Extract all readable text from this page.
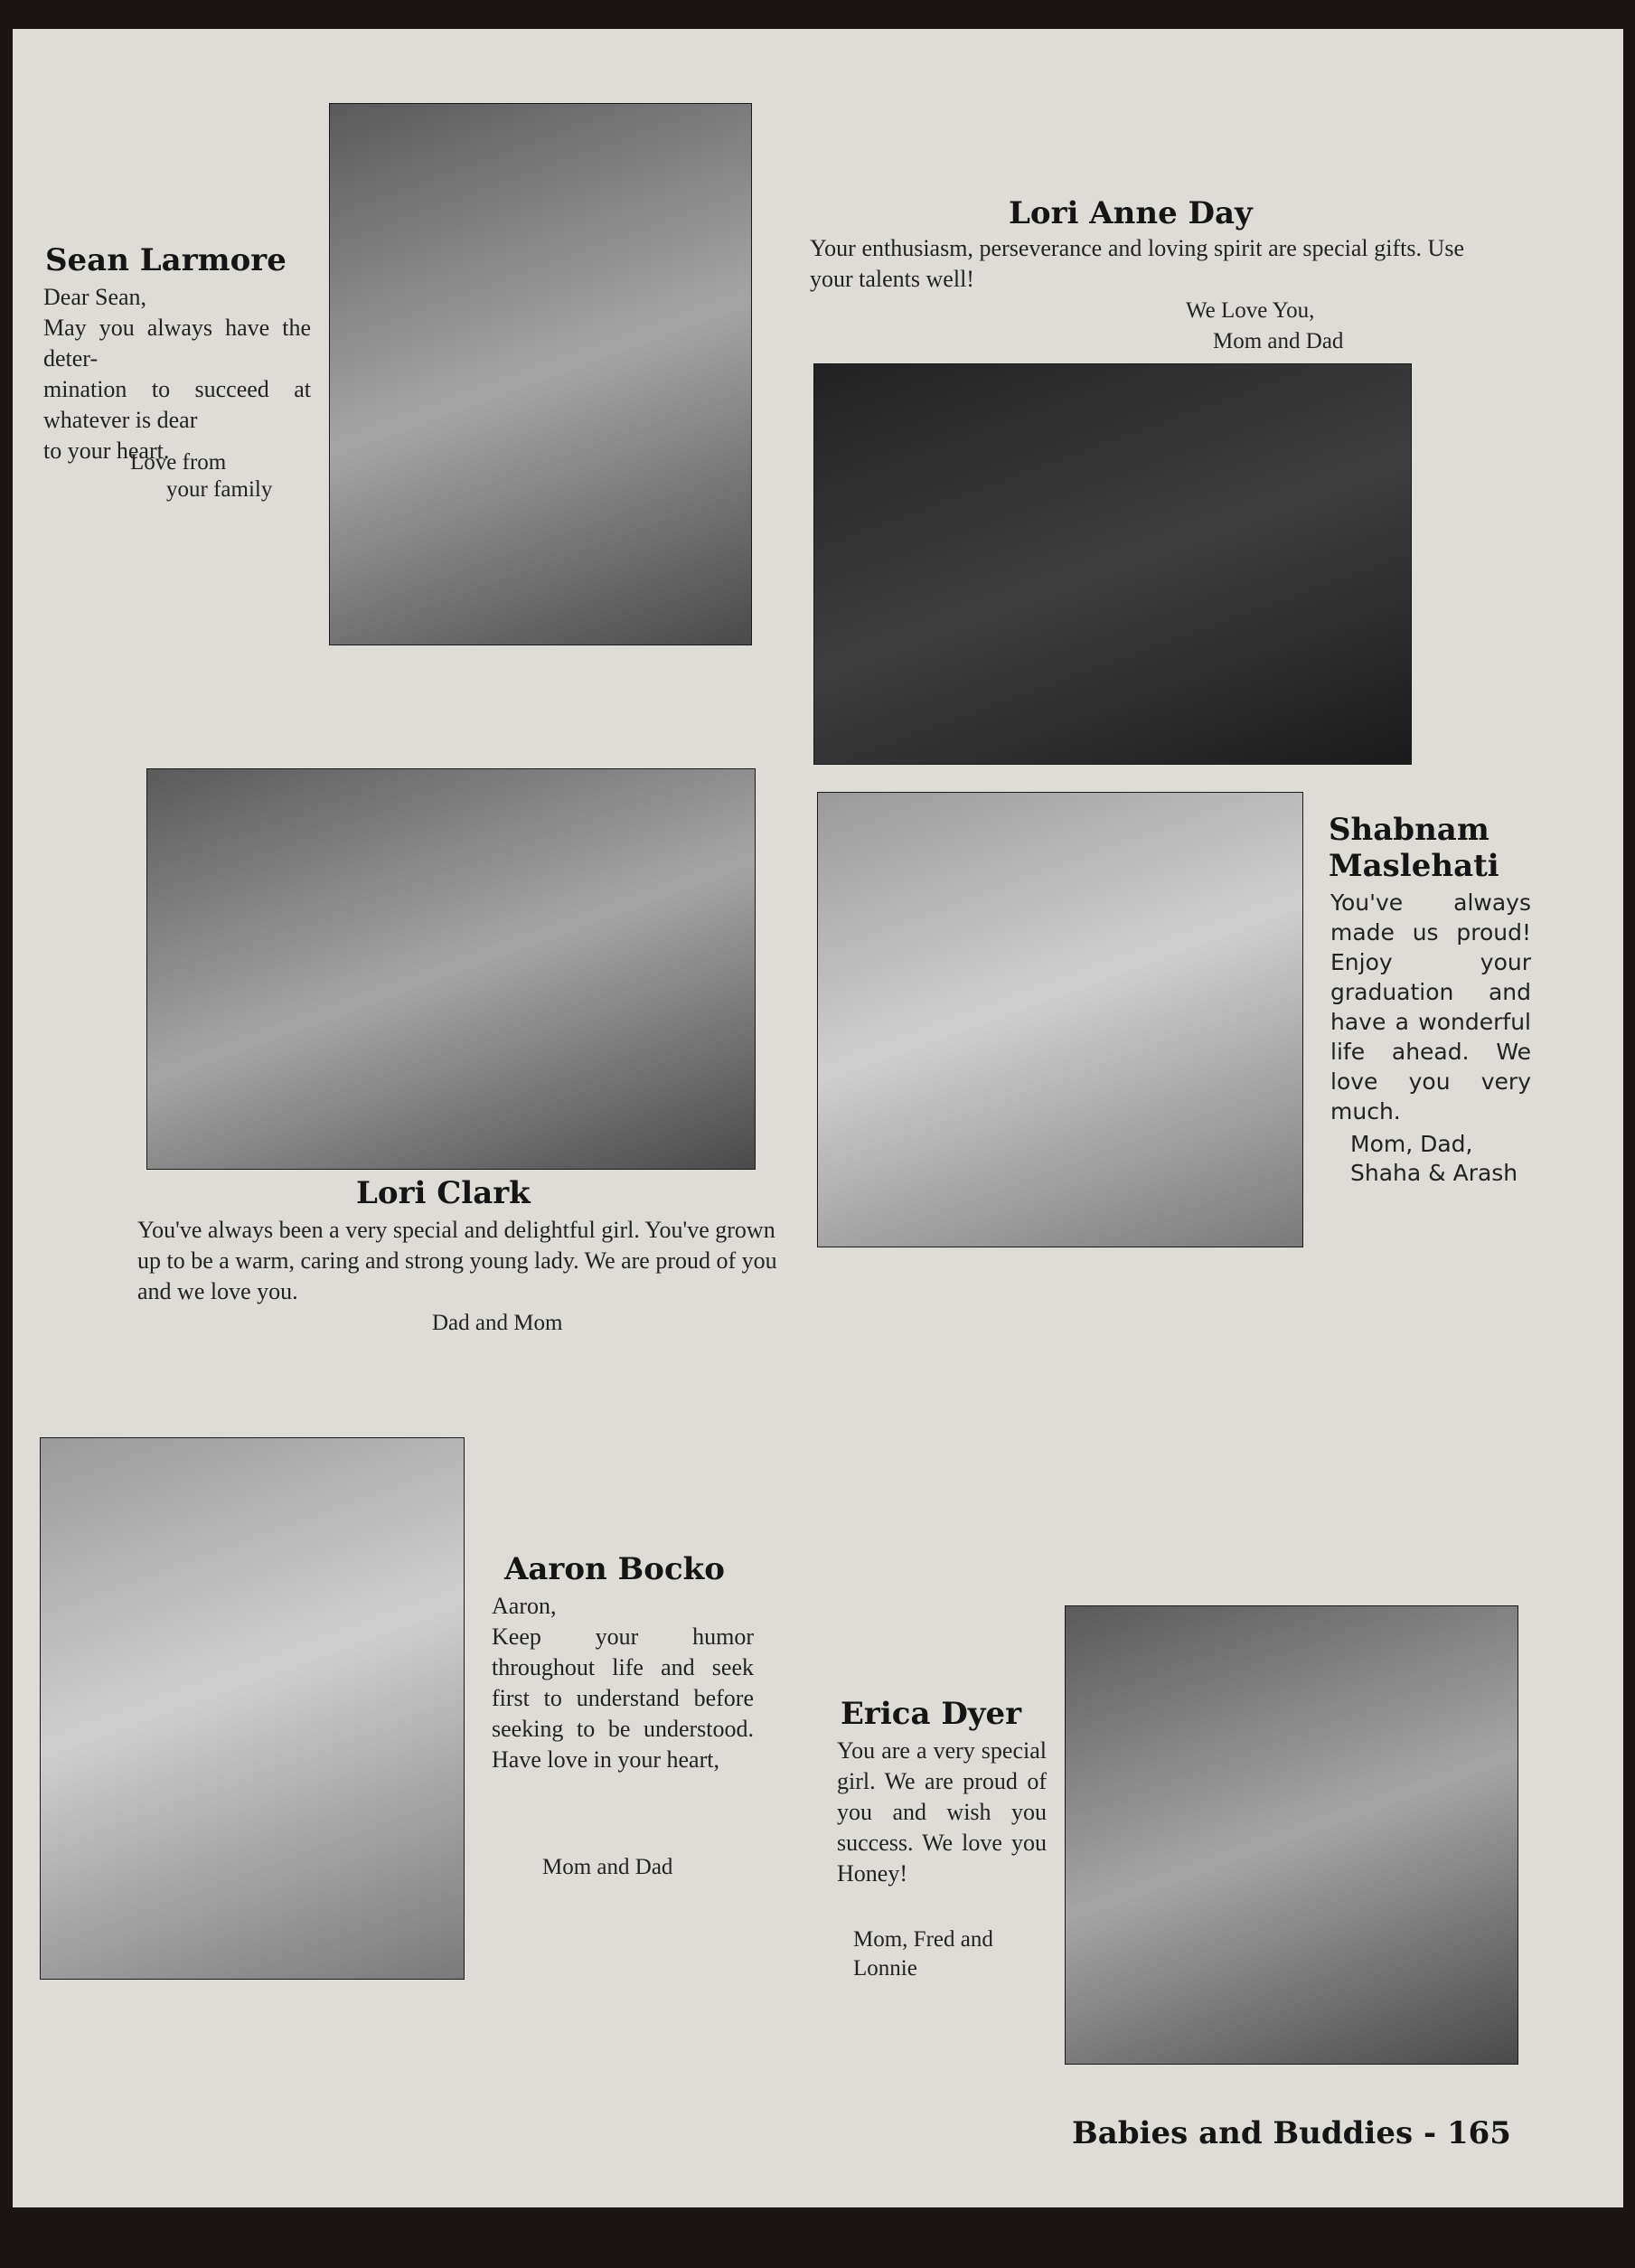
Sean Larmore
Dear Sean,
May you always have the deter-
mination to succeed at whatever is dear
to your heart.

Love from

your family

Lori Anne Day

Your enthusiasm, perseverance and loving spirit are special gifts. Use your talents well!

We Love You,

Mom and Dad

Lori Clark

You've always been a very special and delightful girl. You've grown up to be a warm, caring and strong young lady. We are proud of you and we love you.

Dad and Mom

Shabnam
Maslehati

You've always made us proud! Enjoy your graduation and have a wonderful life ahead. We love you very much.

Mom, Dad,

Shaha & Arash

Aaron Bocko
Aaron,
Keep your humor throughout life and seek first to understand before seeking to be understood. Have love in your heart,

Mom and Dad

Erica Dyer

You are a very special girl. We are proud of you and wish you success. We love you Honey!

Mom, Fred and

Lonnie

Babies and Buddies - 165
